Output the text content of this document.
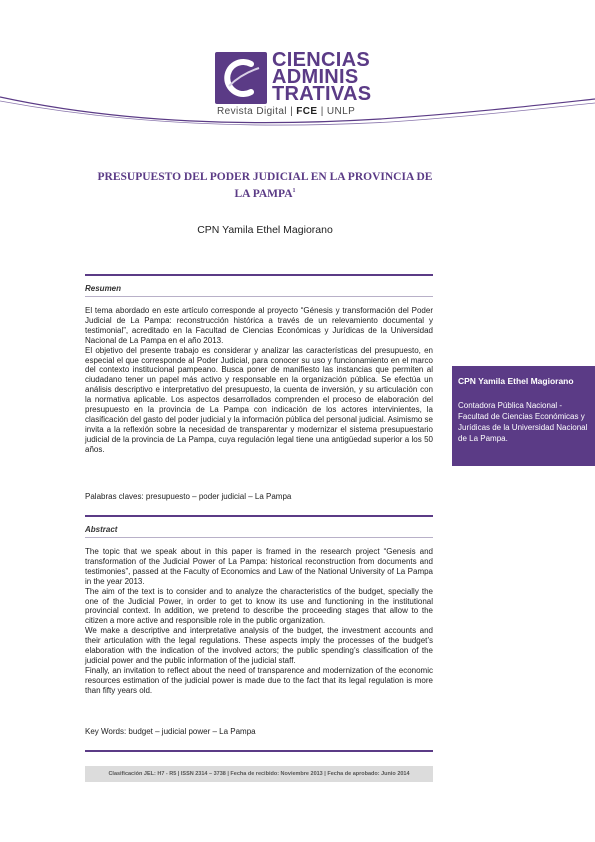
CIENCIAS
ADMINIS
TRATIVAS
Revista Digital | FCE | UNLP
PRESUPUESTO DEL PODER JUDICIAL EN LA PROVINCIA DE LA PAMPA$^1$
CPN Yamila Ethel Magiorano
Resumen

El tema abordado en este artículo corresponde al proyecto “Génesis y transformación del Poder Judicial de La Pampa: reconstrucción histórica a través de un relevamiento documental y testimonial”, acreditado en la Facultad de Ciencias Económicas y Jurídicas de la Universidad Nacional de La Pampa en el año 2013.

El objetivo del presente trabajo es considerar y analizar las características del presupuesto, en especial el que corresponde al Poder Judicial, para conocer su uso y funcionamiento en el marco del contexto institucional pampeano. Busca poner de manifiesto las instancias que permiten al ciudadano tener un papel más activo y responsable en la organización pública. Se efectúa un análisis descriptivo e interpretativo del presupuesto, la cuenta de inversión, y su articulación con la normativa aplicable. Los aspectos desarrollados comprenden el proceso de elaboración del presupuesto en la provincia de La Pampa con indicación de los actores intervinientes, la clasificación del gasto del poder judicial y la información pública del personal judicial. Asimismo se invita a la reflexión sobre la necesidad de transparentar y modernizar el sistema presupuestario judicial de la provincia de La Pampa, cuya regulación legal tiene una antigüedad superior a los 50 años.

Palabras claves: presupuesto – poder judicial – La Pampa
Abstract

The topic that we speak about in this paper is framed in the research project “Genesis and transformation of the Judicial Power of La Pampa: historical reconstruction from documents and testimonies”, passed at the Faculty of Economics and Law of the National University of La Pampa in the year 2013.

The aim of the text is to consider and to analyze the characteristics of the budget, specially the one of the Judicial Power, in order to get to know its use and functioning in the institutional provincial context. In addition, we pretend to describe the proceeding stages that allow to the citizen a more active and responsible role in the public organization.

We make a descriptive and interpretative analysis of the budget, the investment accounts and their articulation with the legal regulations. These aspects imply the processes of the budget’s elaboration with the indication of the involved actors; the public spending’s classification of the judicial power and the public information of the judicial staff.

Finally, an invitation to reflect about the need of transparence and modernization of the economic resources estimation of the judicial power is made due to the fact that its legal regulation is more than fifty years old.

Key Words: budget – judicial power – La Pampa
CPN Yamila Ethel Magiorano
Contadora Pública Nacional - Facultad de Ciencias Económicas y Jurídicas de la Universidad Nacional de La Pampa.
Clasificación JEL: H7 - R5 | ISSN 2314 – 3738 | Fecha de recibido: Noviembre 2013 | Fecha de aprobado: Junio 2014
